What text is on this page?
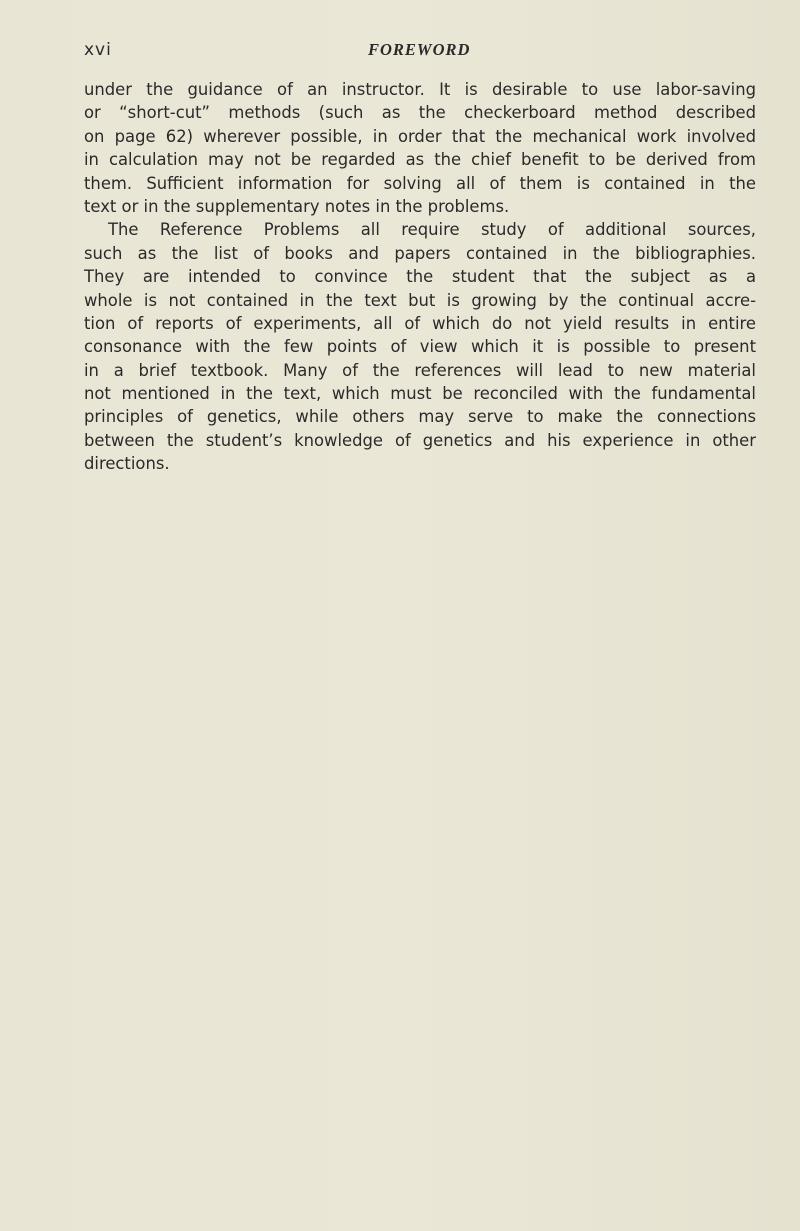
xvi	FOREWORD
under the guidance of an instructor. It is desirable to use labor-saving
or “short-cut” methods (such as the checkerboard method described
on page 62) wherever possible, in order that the mechanical work involved
in calculation may not be regarded as the chief benefit to be derived from
them. Sufficient information for solving all of them is contained in the
text or in the supplementary notes in the problems.
The Reference Problems all require study of additional sources,
such as the list of books and papers contained in the bibliographies.
They are intended to convince the student that the subject as a
whole is not contained in the text but is growing by the continual accre-
tion of reports of experiments, all of which do not yield results in entire
consonance with the few points of view which it is possible to present
in a brief textbook. Many of the references will lead to new material
not mentioned in the text, which must be reconciled with the fundamental
principles of genetics, while others may serve to make the connections
between the student’s knowledge of genetics and his experience in other
directions.
